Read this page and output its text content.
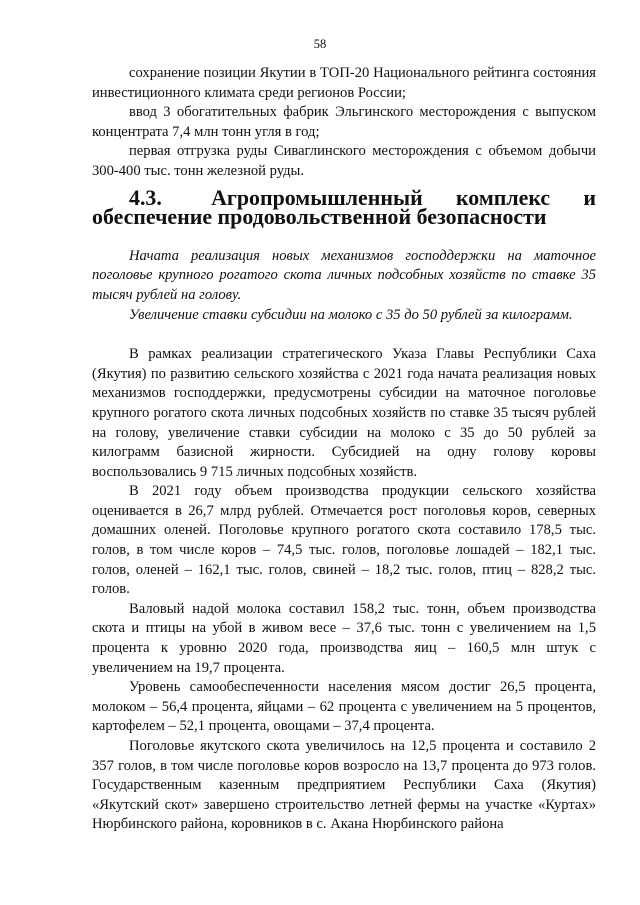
58

сохранение позиции Якутии в ТОП-20 Национального рейтинга состояния инвестиционного климата среди регионов России;

ввод 3 обогатительных фабрик Эльгинского месторождения с выпуском концентрата 7,4 млн тонн угля в год;

первая отгрузка руды Сиваглинского месторождения с объемом добычи 300-400 тыс. тонн железной руды.

4.3. Агропромышленный комплекс и обеспечение продовольственной безопасности

Начата реализация новых механизмов господдержки на маточное поголовье крупного рогатого скота личных подсобных хозяйств по ставке 35 тысяч рублей на голову.

Увеличение ставки субсидии на молоко с 35 до 50 рублей за килограмм.

В рамках реализации стратегического Указа Главы Республики Саха (Якутия) по развитию сельского хозяйства с 2021 года начата реализация новых механизмов господдержки, предусмотрены субсидии на маточное поголовье крупного рогатого скота личных подсобных хозяйств по ставке 35 тысяч рублей на голову, увеличение ставки субсидии на молоко с 35 до 50 рублей за килограмм базисной жирности. Субсидией на одну голову коровы воспользовались 9 715 личных подсобных хозяйств.

В 2021 году объем производства продукции сельского хозяйства оценивается в 26,7 млрд рублей. Отмечается рост поголовья коров, северных домашних оленей. Поголовье крупного рогатого скота составило 178,5 тыс. голов, в том числе коров – 74,5 тыс. голов, поголовье лошадей – 182,1 тыс. голов, оленей – 162,1 тыс. голов, свиней – 18,2 тыс. голов, птиц – 828,2 тыс. голов.

Валовый надой молока составил 158,2 тыс. тонн, объем производства скота и птицы на убой в живом весе – 37,6 тыс. тонн с увеличением на 1,5 процента к уровню 2020 года, производства яиц – 160,5 млн штук с увеличением на 19,7 процента.

Уровень самообеспеченности населения мясом достиг 26,5 процента, молоком – 56,4 процента, яйцами – 62 процента с увеличением на 5 процентов, картофелем – 52,1 процента, овощами – 37,4 процента.

Поголовье якутского скота увеличилось на 12,5 процента и составило 2 357 голов, в том числе поголовье коров возросло на 13,7 процента до 973 голов. Государственным казенным предприятием Республики Саха (Якутия) «Якутский скот» завершено строительство летней фермы на участке «Куртах» Нюрбинского района, коровников в с. Акана Нюрбинского района
